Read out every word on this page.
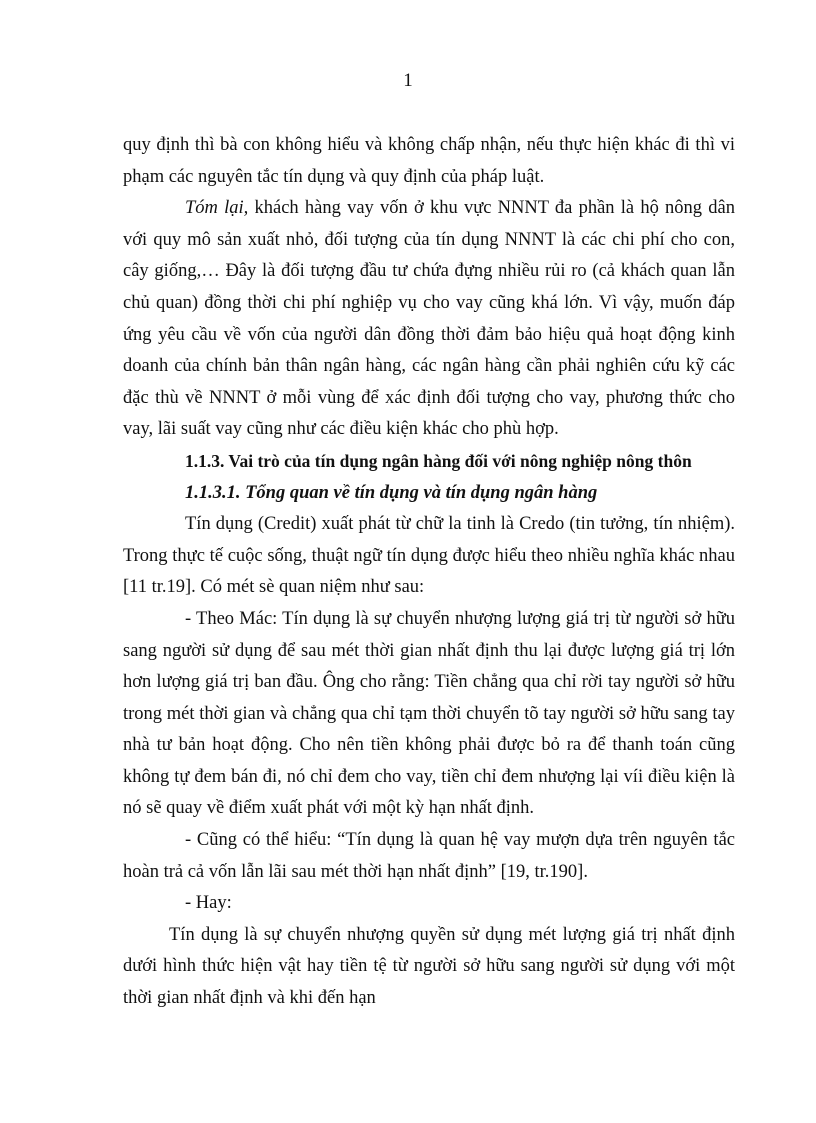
1

quy định thì bà con không hiểu và không chấp nhận, nếu thực hiện khác đi thì vi phạm các nguyên tắc tín dụng và quy định của pháp luật.

Tóm lại, khách hàng vay vốn ở khu vực NNNT đa phần là hộ nông dân với quy mô sản xuất nhỏ, đối tượng của tín dụng NNNT là các chi phí cho con, cây giống,… Đây là đối tượng đầu tư chứa đựng nhiều rủi ro (cả khách quan lẫn chủ quan) đồng thời chi phí nghiệp vụ cho vay cũng khá lớn. Vì vậy, muốn đáp ứng yêu cầu về vốn của người dân đồng thời đảm bảo hiệu quả hoạt động kinh doanh của chính bản thân ngân hàng, các ngân hàng cần phải nghiên cứu kỹ các đặc thù về NNNT ở mỗi vùng để xác định đối tượng cho vay, phương thức cho vay, lãi suất vay cũng như các điều kiện khác cho phù hợp.

1.1.3. Vai trò của tín dụng ngân hàng đối với nông nghiệp nông thôn

1.1.3.1. Tổng quan về tín dụng và tín dụng ngân hàng

Tín dụng (Credit) xuất phát từ chữ la tinh là Credo (tin tưởng, tín nhiệm). Trong thực tế cuộc sống, thuật ngữ tín dụng được hiểu theo nhiều nghĩa khác nhau [11 tr.19]. Có mét sè quan niệm như sau:

- Theo Mác: Tín dụng là sự chuyển nhượng lượng giá trị từ người sở hữu sang người sử dụng để sau mét thời gian nhất định thu lại được lượng giá trị lớn hơn lượng giá trị ban đầu. Ông cho rằng: Tiền chẳng qua chỉ rời tay người sở hữu trong mét thời gian và chẳng qua chỉ tạm thời chuyển tõ tay người sở hữu sang tay nhà tư bản hoạt động. Cho nên tiền không phải được bỏ ra để thanh toán cũng không tự đem bán đi, nó chỉ đem cho vay, tiền chỉ đem nhượng lại víi điều kiện là nó sẽ quay về điểm xuất phát với một kỳ hạn nhất định.

- Cũng có thể hiểu: “Tín dụng là quan hệ vay mượn dựa trên nguyên tắc hoàn trả cả vốn lẫn lãi sau mét thời hạn nhất định” [19, tr.190].

- Hay:

Tín dụng là sự chuyển nhượng quyền sử dụng mét lượng giá trị nhất định dưới hình thức hiện vật hay tiền tệ từ người sở hữu sang người sử dụng với một thời gian nhất định và khi đến hạn
